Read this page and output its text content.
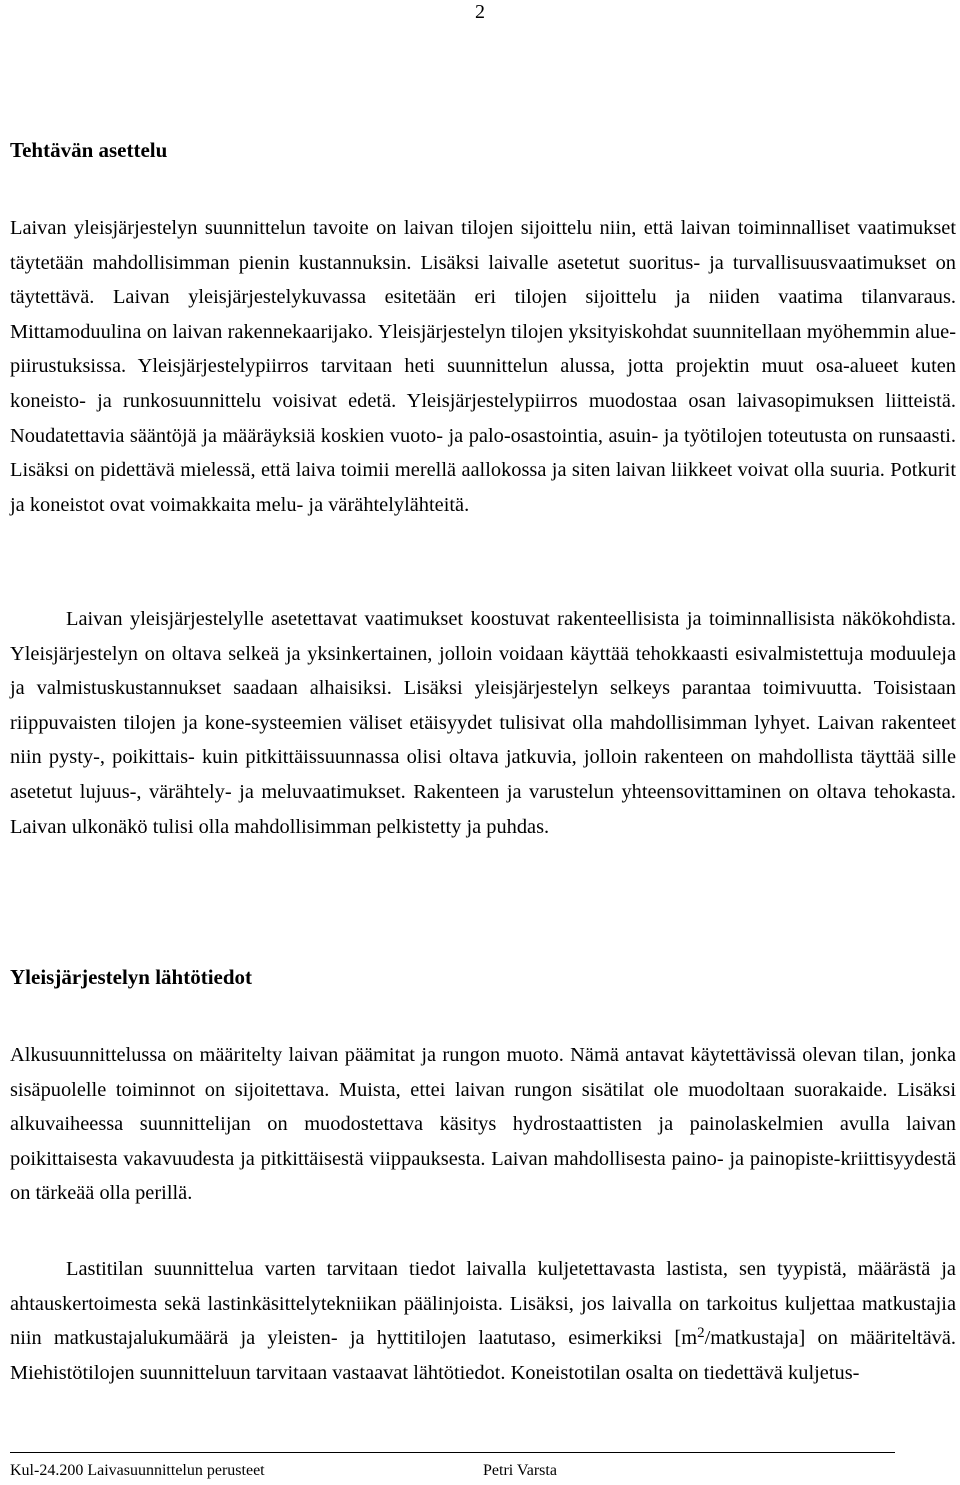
2
Tehtävän asettelu

Laivan yleisjärjestelyn suunnittelun tavoite on laivan tilojen sijoittelu niin, että laivan toiminnalliset vaatimukset täytetään mahdollisimman pienin kustannuksin. Lisäksi laivalle asetetut suoritus- ja turvallisuusvaatimukset on täytettävä. Laivan yleisjärjestelykuvassa esitetään eri tilojen sijoittelu ja niiden vaatima tilanvaraus. Mittamoduulina on laivan rakennekaarijako. Yleisjärjestelyn tilojen yksityiskohdat suunnitellaan myöhemmin alue-piirustuksissa. Yleisjärjestelypiirros tarvitaan heti suunnittelun alussa, jotta projektin muut osa-alueet kuten koneisto- ja runkosuunnittelu voisivat edetä. Yleisjärjestelypiirros muodostaa osan laivasopimuksen liitteistä. Noudatettavia sääntöjä ja määräyksiä koskien vuoto- ja palo-osastointia, asuin- ja työtilojen toteutusta on runsaasti. Lisäksi on pidettävä mielessä, että laiva toimii merellä aallokossa ja siten laivan liikkeet voivat olla suuria. Potkurit ja koneistot ovat voimakkaita melu- ja värähtelylähteitä.

Laivan yleisjärjestelylle asetettavat vaatimukset koostuvat rakenteellisista ja toiminnallisista näkökohdista. Yleisjärjestelyn on oltava selkeä ja yksinkertainen, jolloin voidaan käyttää tehokkaasti esivalmistettuja moduuleja ja valmistuskustannukset saadaan alhaisiksi. Lisäksi yleisjärjestelyn selkeys parantaa toimivuutta. Toisistaan riippuvaisten tilojen ja kone-systeemien väliset etäisyydet tulisivat olla mahdollisimman lyhyet. Laivan rakenteet niin pysty-, poikittais- kuin pitkittäissuunnassa olisi oltava jatkuvia, jolloin rakenteen on mahdollista täyttää sille asetetut lujuus-, värähtely- ja meluvaatimukset. Rakenteen ja varustelun yhteensovittaminen on oltava tehokasta. Laivan ulkonäkö tulisi olla mahdollisimman pelkistetty ja puhdas.

Yleisjärjestelyn lähtötiedot

Alkusuunnittelussa on määritelty laivan päämitat ja rungon muoto. Nämä antavat käytettävissä olevan tilan, jonka sisäpuolelle toiminnot on sijoitettava. Muista, ettei laivan rungon sisätilat ole muodoltaan suorakaide. Lisäksi alkuvaiheessa suunnittelijan on muodostettava käsitys hydrostaattisten ja painolaskelmien avulla laivan poikittaisesta vakavuudesta ja pitkittäisestä viippauksesta. Laivan mahdollisesta paino- ja painopiste-kriittisyydestä on tärkeää olla perillä.

Lastitilan suunnittelua varten tarvitaan tiedot laivalla kuljetettavasta lastista, sen tyypistä, määrästä ja ahtauskertoimesta sekä lastinkäsittelytekniikan päälinjoista. Lisäksi, jos laivalla on tarkoitus kuljettaa matkustajia niin matkustajalukumäärä ja yleisten- ja hyttitilojen laatutaso, esimerkiksi $[m^2/matkustaja]$ on määriteltävä. Miehistötilojen suunnitteluun tarvitaan vastaavat lähtötiedot. Koneistotilan osalta on tiedettävä kuljetus-

Kul-24.200 Laivasuunnittelun perusteet	Petri Varsta
